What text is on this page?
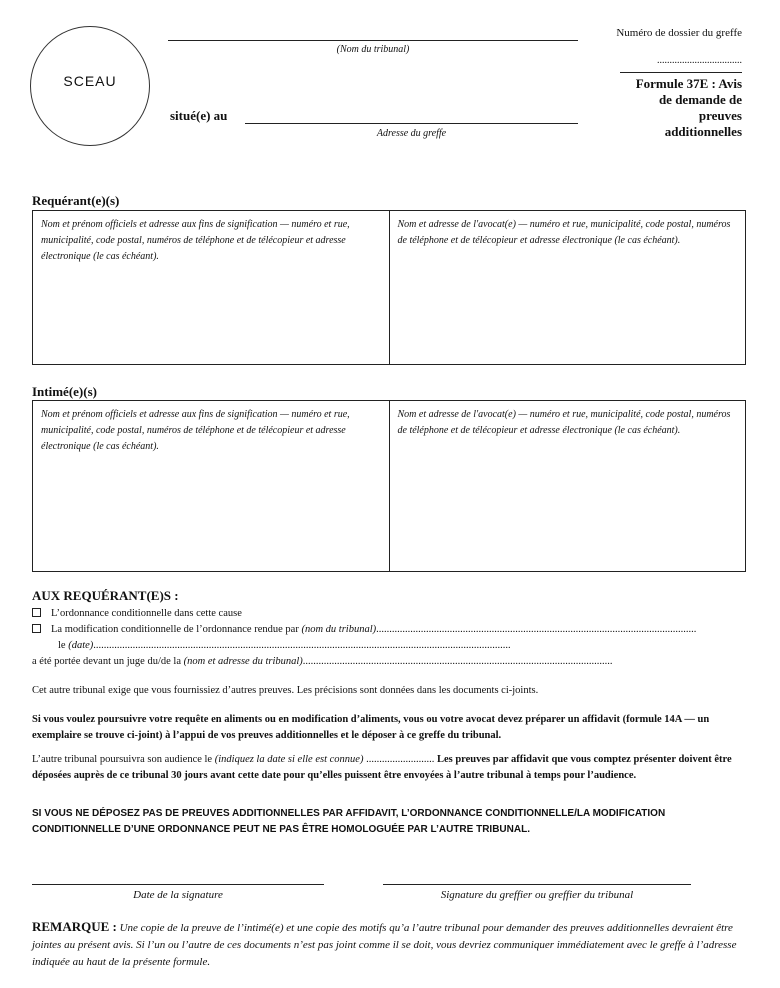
SCEAU
(Nom du tribunal)
situé(e) au
Adresse du greffe
Numéro de dossier du greffe
..................................
Formule 37E : Avis
de demande de
preuves
additionnelles
Requérant(e)(s)
Nom et prénom officiels et adresse aux fins de signification — numéro et rue, municipalité, code postal, numéros de téléphone et de télécopieur et adresse électronique (le cas échéant).
Nom et adresse de l'avocat(e) — numéro et rue, municipalité, code postal, numéros de téléphone et de télécopieur et adresse électronique (le cas échéant).
Intimé(e)(s)
Nom et prénom officiels et adresse aux fins de signification — numéro et rue, municipalité, code postal, numéros de téléphone et de télécopieur et adresse électronique (le cas échéant).
Nom et adresse de l'avocat(e) — numéro et rue, municipalité, code postal, numéros de téléphone et de télécopieur et adresse électronique (le cas échéant).
AUX REQUÉRANT(E)S :
L’ordonnance conditionnelle dans cette cause
La modification conditionnelle de l’ordonnance rendue par (nom du tribunal)..........................................................................................................................
le (date)...............................................................................................................................................................
a été portée devant un juge du/de la (nom et adresse du tribunal)......................................................................................................................
Cet autre tribunal exige que vous fournissiez d’autres preuves. Les précisions sont données dans les documents ci-joints.
Si vous voulez poursuivre votre requête en aliments ou en modification d’aliments, vous ou votre avocat devez préparer un affidavit (formule 14A — un exemplaire se trouve ci-joint) à l’appui de vos preuves additionnelles et le déposer à ce greffe du tribunal.
L’autre tribunal poursuivra son audience le (indiquez la date si elle est connue) .......................... Les preuves par affidavit que vous comptez présenter doivent être déposées auprès de ce tribunal 30 jours avant cette date pour qu’elles puissent être envoyées à l’autre tribunal à temps pour l’audience.
SI VOUS NE DÉPOSEZ PAS DE PREUVES ADDITIONNELLES PAR AFFIDAVIT, L’ORDONNANCE CONDITIONNELLE/LA MODIFICATION CONDITIONNELLE D’UNE ORDONNANCE PEUT NE PAS ÊTRE HOMOLOGUÉE PAR L’AUTRE TRIBUNAL.
Date de la signature	Signature du greffier ou greffier du tribunal
REMARQUE : Une copie de la preuve de l’intimé(e) et une copie des motifs qu’a l’autre tribunal pour demander des preuves additionnelles devraient être jointes au présent avis. Si l’un ou l’autre de ces documents n’est pas joint comme il se doit, vous devriez communiquer immédiatement avec le greffe à l’adresse indiquée au haut de la présente formule.
